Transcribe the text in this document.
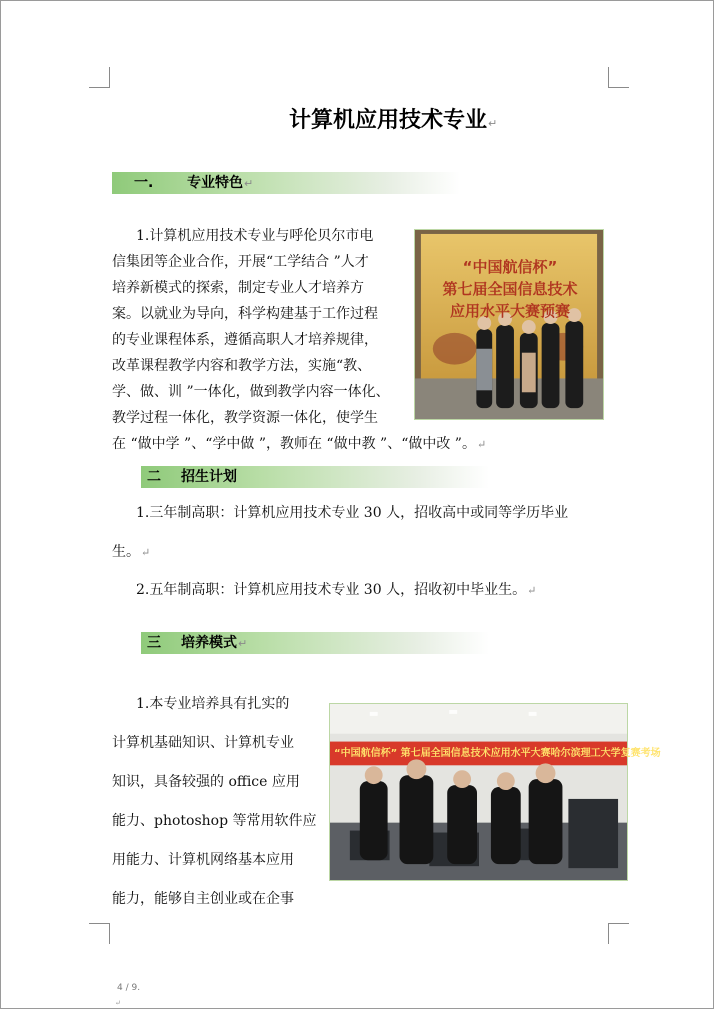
计算机应用技术专业↵
一. 专业特色↵
1.计算机应用技术专业与呼伦贝尔市电
信集团等企业合作，开展“工学结合 ”人才
培养新模式的探索，制定专业人才培养方
案。以就业为导向，科学构建基于工作过程
的专业课程体系，遵循高职人才培养规律，
改革课程教学内容和教学方法，实施“教、
学、做、训 ”一体化，做到教学内容一体化、
教学过程一体化，教学资源一体化，使学生
在 “做中学 ”、“学中做 ”，教师在 “做中教 ”、“做中改 ”。↵
“中国航信杯”
第七届全国信息技术
应用水平大赛预赛
二 招生计划
1.三年制高职：计算机应用技术专业 30 人，招收高中或同等学历毕业
生。↵
2.五年制高职：计算机应用技术专业 30 人，招收初中毕业生。↵
三 培养模式↵
1.本专业培养具有扎实的
计算机基础知识、计算机专业
知识，具备较强的 office 应用
能力、photoshop 等常用软件应
用能力、计算机网络基本应用
能力，能够自主创业或在企事
“中国航信杯” 第七届全国信息技术应用水平大赛哈尔滨理工大学复赛考场
4 / 9.
↵
